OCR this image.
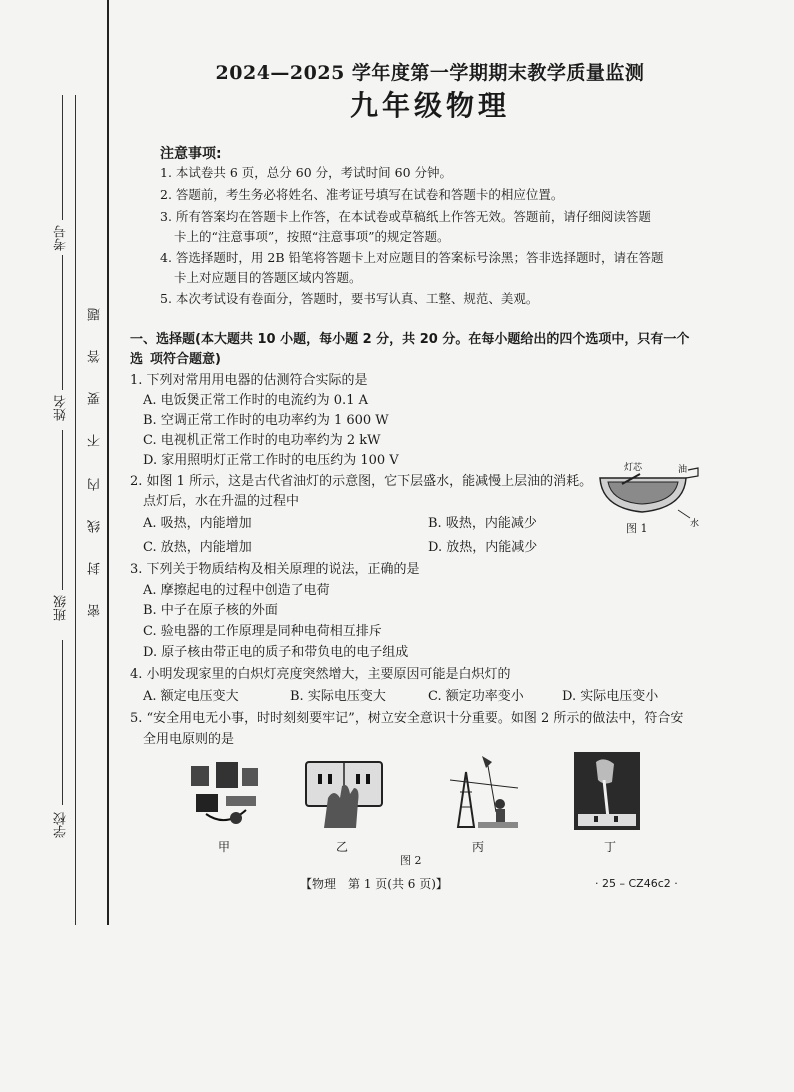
考号
姓名
班级
学校
题
答
要
不
内
线
封
密
2024—2025 学年度第一学期期末教学质量监测
九年级物理
注意事项:
1. 本试卷共 6 页，总分 60 分，考试时间 60 分钟。
2. 答题前，考生务必将姓名、准考证号填写在试卷和答题卡的相应位置。
3. 所有答案均在答题卡上作答，在本试卷或草稿纸上作答无效。答题前，请仔细阅读答题
卡上的“注意事项”，按照“注意事项”的规定答题。
4. 答选择题时，用 2B 铅笔将答题卡上对应题目的答案标号涂黑；答非选择题时，请在答题
卡上对应题目的答题区域内答题。
5. 本次考试设有卷面分，答题时，要书写认真、工整、规范、美观。
一、选择题(本大题共 10 小题，每小题 2 分，共 20 分。在每小题给出的四个选项中，只有一个选 项符合题意)
1. 下列对常用用电器的估测符合实际的是
A. 电饭煲正常工作时的电流约为 0.1 A
B. 空调正常工作时的电功率约为 1 600 W
C. 电视机正常工作时的电功率约为 2 kW
D. 家用照明灯正常工作时的电压约为 100 V
2. 如图 1 所示，这是古代省油灯的示意图，它下层盛水，能减慢上层油的消耗。
点灯后，水在升温的过程中
A. 吸热，内能增加	B. 吸热，内能减少
C. 放热，内能增加	D. 放热，内能减少
灯芯	油
水
图 1
3. 下列关于物质结构及相关原理的说法，正确的是
A. 摩擦起电的过程中创造了电荷
B. 中子在原子核的外面
C. 验电器的工作原理是同种电荷相互排斥
D. 原子核由带正电的质子和带负电的电子组成
4. 小明发现家里的白炽灯亮度突然增大，主要原因可能是白炽灯的
A. 额定电压变大	B. 实际电压变大	C. 额定功率变小	D. 实际电压变小
5. “安全用电无小事，时时刻刻要牢记”，树立安全意识十分重要。如图 2 所示的做法中，符合安
全用电原则的是
甲	乙	丙	丁
图 2
【物理　第 1 页(共 6 页)】	· 25 – CZ46c2 ·
